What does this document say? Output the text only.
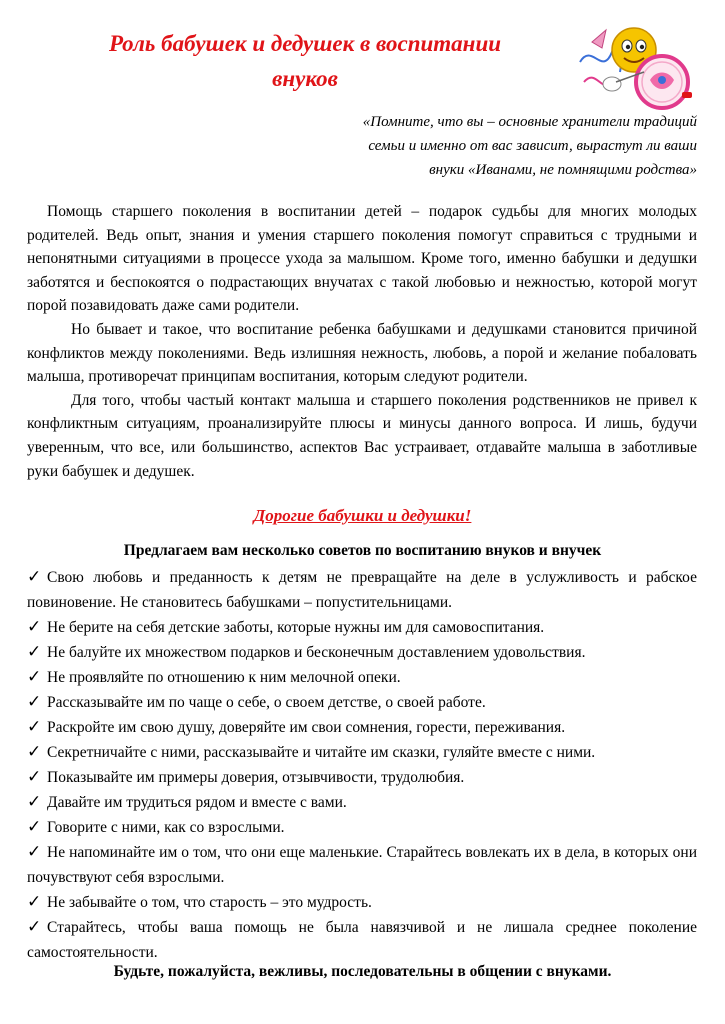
Роль бабушек и дедушек в воспитании
внуков
«Помните, что вы – основные хранители традиций
семьи и именно от вас зависит, вырастут ли ваши
внуки «Иванами, не помнящими родства»

Помощь старшего поколения в воспитании детей – подарок судьбы для многих молодых родителей. Ведь опыт, знания и умения старшего поколения помогут справиться с трудными и непонятными ситуациями в процессе ухода за малышом. Кроме того, именно бабушки и дедушки заботятся и беспокоятся о подрастающих внучатах с такой любовью и нежностью, которой могут порой позавидовать даже сами родители.

Но бывает и такое, что воспитание ребенка бабушками и дедушками становится причиной конфликтов между поколениями. Ведь излишняя нежность, любовь, а порой и желание побаловать малыша, противоречат принципам воспитания, которым следуют родители.

Для того, чтобы частый контакт малыша и старшего поколения родственников не привел к конфликтным ситуациям, проанализируйте плюсы и минусы данного вопроса. И лишь, будучи уверенным, что все, или большинство, аспектов Вас устраивает, отдавайте малыша в заботливые руки бабушек и дедушек.

Дорогие бабушки и дедушки!
Предлагаем вам несколько советов по воспитанию внуков и внучек
✓ Свою любовь и преданность к детям не превращайте на деле в услужливость и рабское повиновение. Не становитесь бабушками – попустительницами.
✓ Не берите на себя детские заботы, которые нужны им для самовоспитания.
✓ Не балуйте их множеством подарков и бесконечным доставлением удовольствия.
✓ Не проявляйте по отношению к ним мелочной опеки.
✓ Рассказывайте им по чаще о себе, о своем детстве, о своей работе.
✓ Раскройте им свою душу, доверяйте им свои сомнения, горести, переживания.
✓ Секретничайте с ними, рассказывайте и читайте им сказки, гуляйте вместе с ними.
✓ Показывайте им примеры доверия, отзывчивости, трудолюбия.
✓ Давайте им трудиться рядом и вместе с вами.
✓ Говорите с ними, как со взрослыми.
✓ Не напоминайте им о том, что они еще маленькие. Старайтесь вовлекать их в дела, в которых они почувствуют себя взрослыми.
✓ Не забывайте о том, что старость – это мудрость.
✓ Старайтесь, чтобы ваша помощь не была навязчивой и не лишала среднее поколение самостоятельности.
Будьте, пожалуйста, вежливы, последовательны в общении с внуками.
